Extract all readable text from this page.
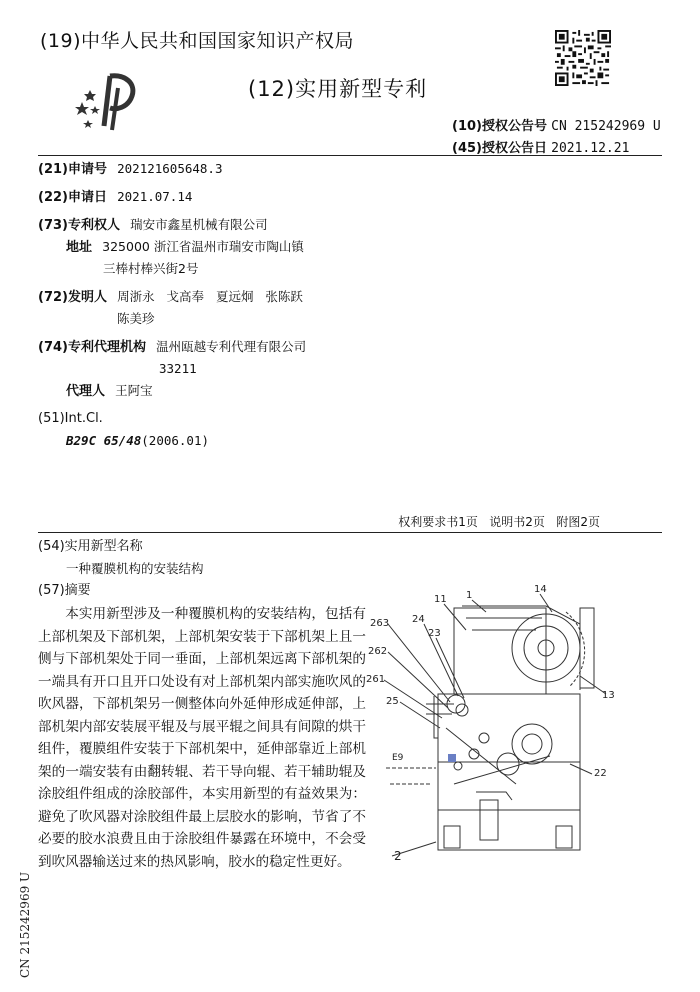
(19)中华人民共和国国家知识产权局
(12)实用新型专利
(10)授权公告号 CN 215242969 U
(45)授权公告日 2021.12.21
(21)申请号 202121605648.3
(22)申请日 2021.07.14
(73)专利权人 瑞安市鑫星机械有限公司
地址 325000 浙江省温州市瑞安市陶山镇
三棒村棒兴街2号
(72)发明人 周浙永   戈高奉   夏远炯   张陈跃
陈美珍
(74)专利代理机构 温州瓯越专利代理有限公司
33211
代理人 王阿宝
(51)Int.Cl.
B29C 65/48(2006.01)
权利要求书1页   说明书2页   附图2页
(54)实用新型名称
一种覆膜机构的安装结构
(57)摘要
本实用新型涉及一种覆膜机构的安装结构，包括有上部机架及下部机架，上部机架安装于下部机架上且一侧与下部机架处于同一垂面，上部机架远离下部机架的一端具有开口且开口处设有对上部机架内部实施吹风的吹风器，下部机架另一侧整体向外延伸形成延伸部，上部机架内部安装展平辊及与展平辊之间具有间隙的烘干组件，覆膜组件安装于下部机架中，延伸部靠近上部机架的一端安装有由翻转辊、若干导向辊、若干辅助辊及涂胶组件组成的涂胶部件，本实用新型的有益效果为：避免了吹风器对涂胶组件最上层胶水的影响，节省了不必要的胶水浪费且由于涂胶组件暴露在环境中，不会受到吹风器输送过来的热风影响，胶水的稳定性更好。
11 1
14
263 24
23
262
13
261
25
22
E9
2
CN 215242969 U
